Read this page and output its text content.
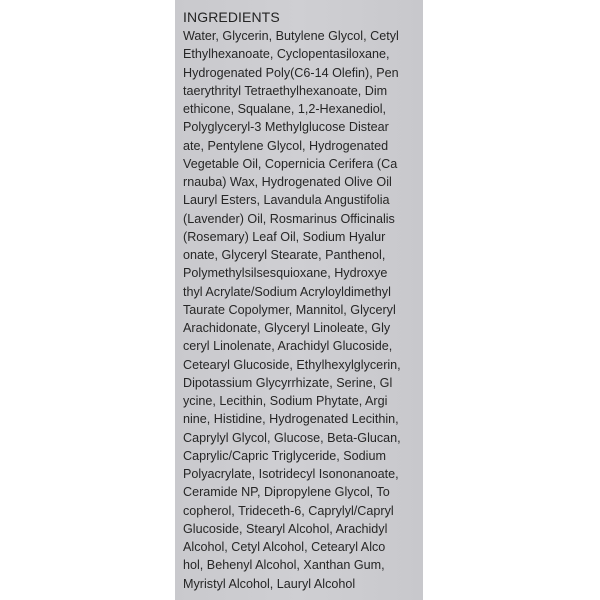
INGREDIENTS
Water, Glycerin, Butylene Glycol, Cetyl
Ethylhexanoate, Cyclopentasiloxane,
Hydrogenated Poly(C6-14 Olefin), Pen
taerythrityl Tetraethylhexanoate, Dim
ethicone, Squalane, 1,2-Hexanediol,
Polyglyceryl-3 Methylglucose Distear
ate, Pentylene Glycol, Hydrogenated
Vegetable Oil, Copernicia Cerifera (Ca
rnauba) Wax, Hydrogenated Olive Oil
Lauryl Esters, Lavandula Angustifolia
(Lavender) Oil, Rosmarinus Officinalis
(Rosemary) Leaf Oil, Sodium Hyalur
onate, Glyceryl Stearate, Panthenol,
Polymethylsilsesquioxane, Hydroxye
thyl Acrylate/Sodium Acryloyldimethyl
Taurate Copolymer, Mannitol, Glyceryl
Arachidonate, Glyceryl Linoleate, Gly
ceryl Linolenate, Arachidyl Glucoside,
Cetearyl Glucoside, Ethylhexylglycerin,
Dipotassium Glycyrrhizate, Serine, Gl
ycine, Lecithin, Sodium Phytate, Argi
nine, Histidine, Hydrogenated Lecithin,
Caprylyl Glycol, Glucose, Beta-Glucan,
Caprylic/Capric Triglyceride, Sodium
Polyacrylate, Isotridecyl Isononanoate,
Ceramide NP, Dipropylene Glycol, To
copherol, Trideceth-6, Caprylyl/Capryl
Glucoside, Stearyl Alcohol, Arachidyl
Alcohol, Cetyl Alcohol, Cetearyl Alco
hol, Behenyl Alcohol, Xanthan Gum,
Myristyl Alcohol, Lauryl Alcohol
